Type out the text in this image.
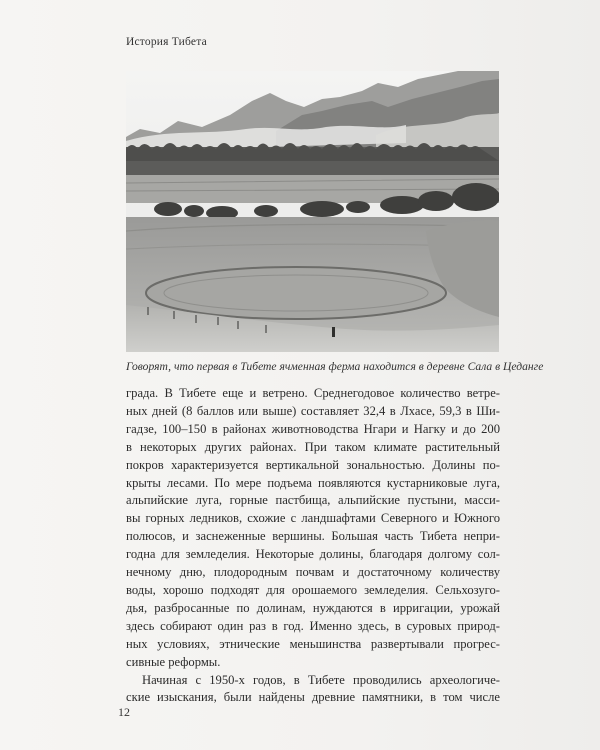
История Тибета
Говорят, что первая в Тибете ячменная ферма находится в деревне Сала в Цеданге
града. В Тибете еще и ветрено. Среднегодовое количество ветре-
ных дней (8 баллов или выше) составляет 32,4 в Лхасе, 59,3 в Ши-
гадзе, 100–150 в районах животноводства Нгари и Нагку и до 200
в некоторых других районах. При таком климате растительный
покров характеризуется вертикальной зональностью. Долины по-
крыты лесами. По мере подъема появляются кустарниковые луга,
альпийские луга, горные пастбища, альпийские пустыни, масси-
вы горных ледников, схожие с ландшафтами Северного и Южного
полюсов, и заснеженные вершины. Большая часть Тибета непри-
годна для земледелия. Некоторые долины, благодаря долгому сол-
нечному дню, плодородным почвам и достаточному количеству
воды, хорошо подходят для орошаемого земледелия. Сельхозуго-
дья, разбросанные по долинам, нуждаются в ирригации, урожай
здесь собирают один раз в год. Именно здесь, в суровых природ-
ных условиях, этнические меньшинства развертывали прогрес-
сивные реформы.
Начиная с 1950-х годов, в Тибете проводились археологиче-
ские изыскания, были найдены древние памятники, в том числе
12
